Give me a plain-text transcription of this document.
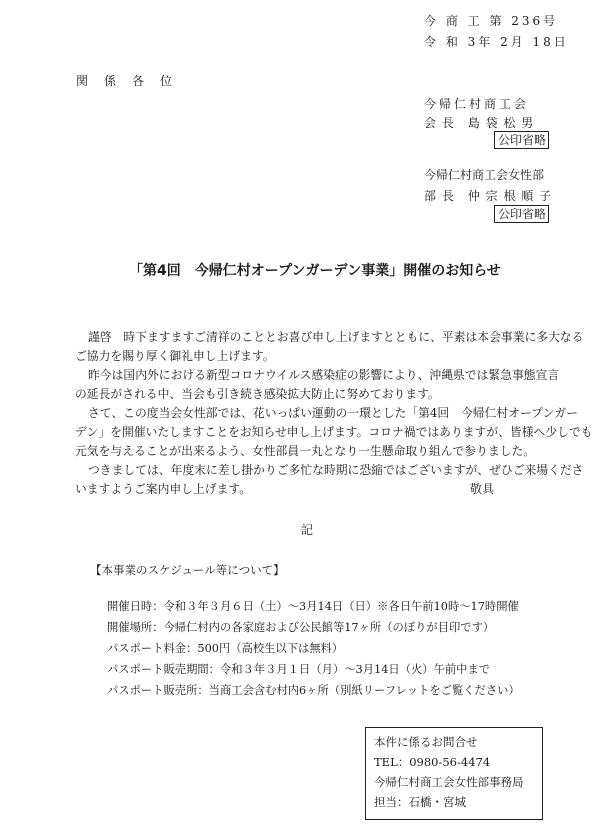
今 商 工 第 236号
令 和 3年 2月 18日
関　係　各　位
今帰仁村商工会
会 長　島 袋 松 男
公印省略
今帰仁村商工会女性部
部 長　仲 宗 根 順 子
公印省略
「第4回　今帰仁村オープンガーデン事業」開催のお知らせ
謹啓　時下ますますご清祥のこととお喜び申し上げますとともに、平素は本会事業に多大なる
ご協力を賜り厚く御礼申し上げます。
昨今は国内外における新型コロナウイルス感染症の影響により、沖縄県では緊急事態宣言
の延長がされる中、当会も引き続き感染拡大防止に努めております。
さて、この度当会女性部では、花いっぱい運動の一環とした「第4回　今帰仁村オープンガー
デン」を開催いたしますことをお知らせ申し上げます。コロナ禍ではありますが、皆様へ少しでも
元気を与えることが出来るよう、女性部員一丸となり一生懸命取り組んで参りました。
つきましては、年度末に差し掛かりご多忙な時期に恐縮ではございますが、ぜひご来場くださ
いますようご案内申し上げます。	敬具
記
【本事業のスケジュール等について】
開催日時：令和３年３月６日（土）～3月14日（日）※各日午前10時～17時開催
開催場所：今帰仁村内の各家庭および公民館等17ヶ所（のぼりが目印です）
パスポート料金：500円（高校生以下は無料）
パスポート販売期間：令和３年３月１日（月）～3月14日（火）午前中まで
パスポート販売所：当商工会含む村内6ヶ所（別紙リーフレットをご覧ください）
本件に係るお問合せ
TEL：0980-56-4474
今帰仁村商工会女性部事務局
担当：石橋・宮城
